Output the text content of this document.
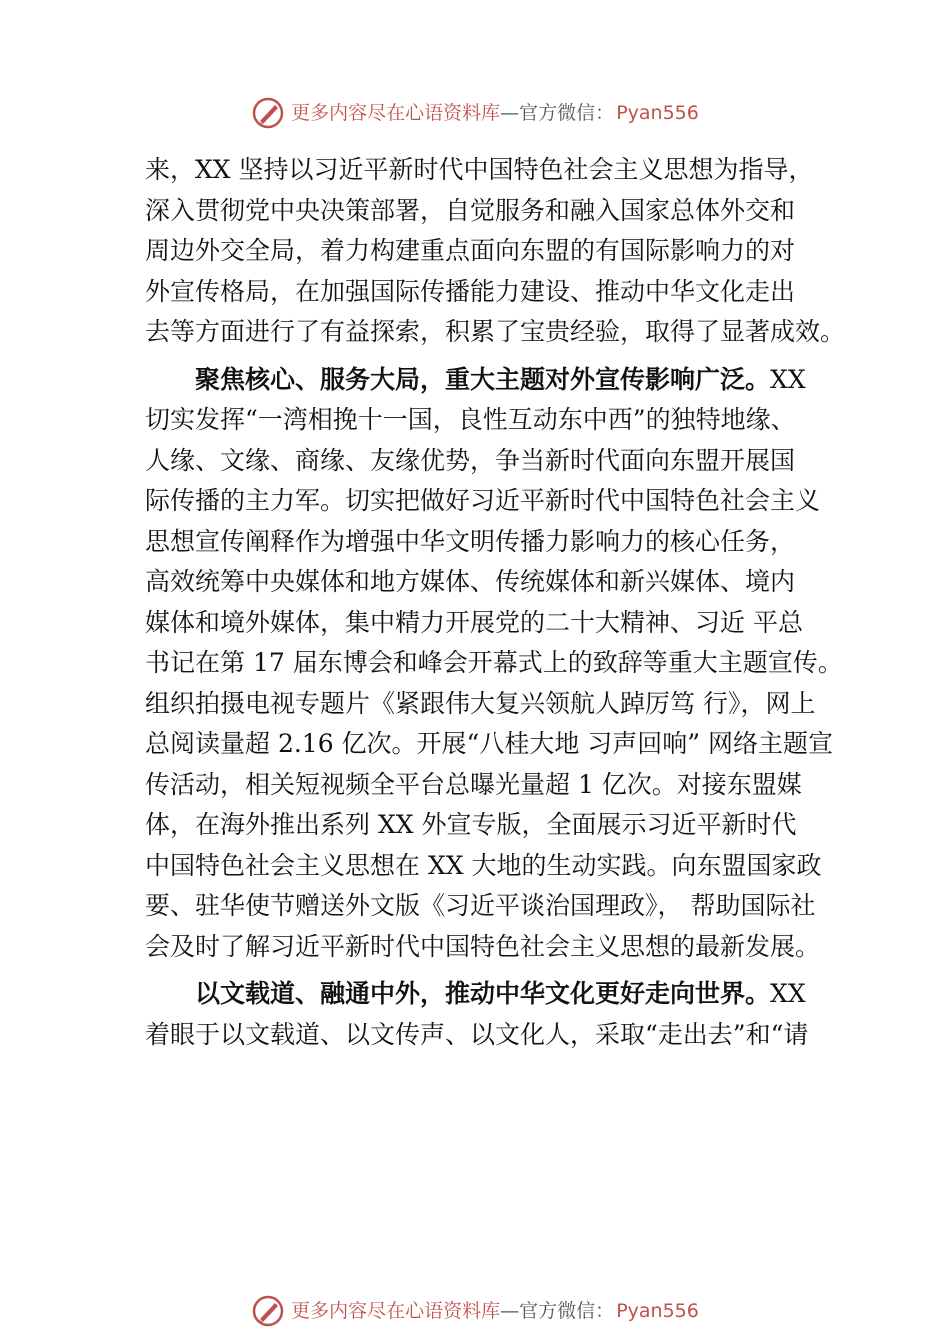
更多内容尽在心语资料库 —官方微信： Pyan556
来，XX 坚持以习近平新时代中国特色社会主义思想为指导，
深入贯彻党中央决策部署，自觉服务和融入国家总体外交和
周边外交全局，着力构建重点面向东盟的有国际影响力的对
外宣传格局，在加强国际传播能力建设、推动中华文化走出
去等方面进行了有益探索，积累了宝贵经验，取得了显著成效。
聚焦核心、服务大局，重大主题对外宣传影响广泛。XX
切实发挥“一湾相挽十一国，良性互动东中西”的独特地缘、
人缘、文缘、商缘、友缘优势，争当新时代面向东盟开展国
际传播的主力军。切实把做好习近平新时代中国特色社会主义
思想宣传阐释作为增强中华文明传播力影响力的核心任务，
高效统筹中央媒体和地方媒体、传统媒体和新兴媒体、境内
媒体和境外媒体，集中精力开展党的二十大精神、习近 平总
书记在第 17 届东博会和峰会开幕式上的致辞等重大主题宣传。
组织拍摄电视专题片《紧跟伟大复兴领航人踔厉笃 行》，网上
总阅读量超 2.16 亿次。开展“八桂大地 习声回响” 网络主题宣
传活动，相关短视频全平台总曝光量超 1 亿次。对接东盟媒
体，在海外推出系列 XX 外宣专版，全面展示习近平新时代
中国特色社会主义思想在 XX 大地的生动实践。向东盟国家政
要、驻华使节赠送外文版《习近平谈治国理政》， 帮助国际社
会及时了解习近平新时代中国特色社会主义思想的最新发展。
以文载道、融通中外，推动中华文化更好走向世界。XX
着眼于以文载道、以文传声、以文化人，采取“走出去”和“请
更多内容尽在心语资料库 —官方微信： Pyan556
